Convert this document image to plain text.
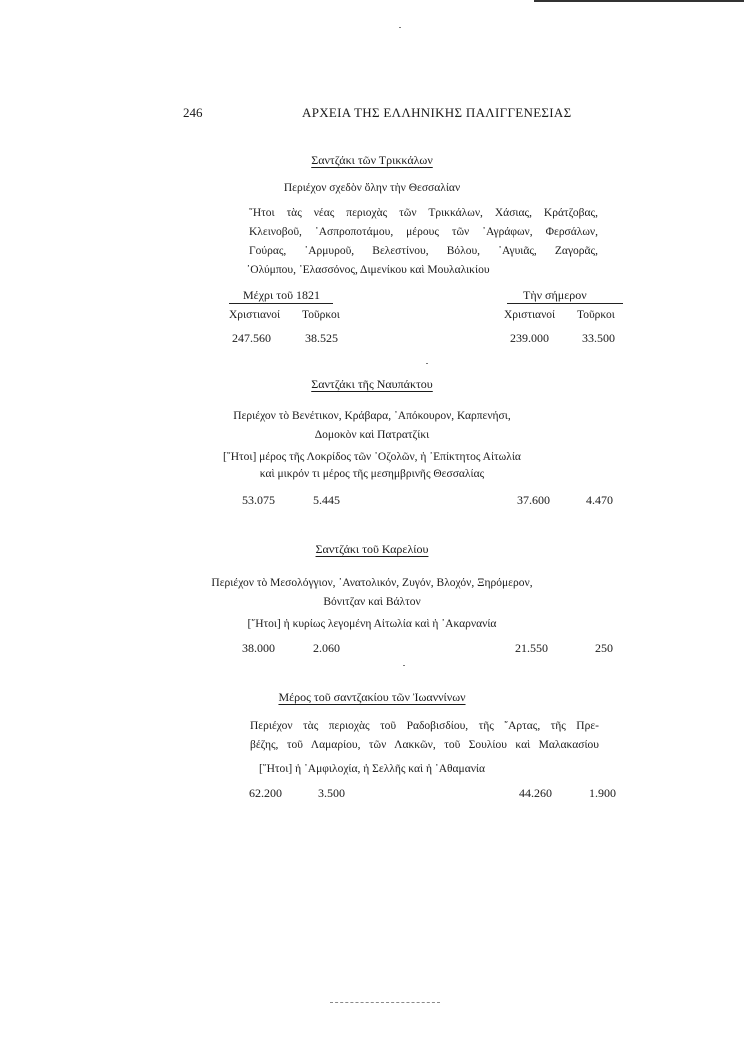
246	ΑΡΧΕΙΑ ΤΗΣ ΕΛΛΗΝΙΚΗΣ ΠΑΛΙΓΓΕΝΕΣΙΑΣ
Σαντζάκι τῶν Τρικκάλων
Περιέχον σχεδὸν ὅλην τὴν Θεσσαλίαν
῞Ητοι τὰς νέας περιοχὰς τῶν Τρικκάλων, Χάσιας, Κράτζοβας,
Κλεινοβοῦ, ᾿Ασπροποτάμου, μέρους τῶν ᾿Αγράφων, Φερσάλων,
Γούρας, ῾Αρμυροῦ, Βελεστίνου, Βόλου, ᾿Αγυιᾶς, Ζαγορᾶς,
᾿Ολύμπου, ᾿Ελασσόνος, Διμενίκου καὶ Μουλαλικίου
Μέχρι τοῦ 1821	Τὴν σήμερον
Χριστιανοί Τοῦρκοι	Χριστιανοί Τοῦρκοι
247.560	38.525	239.000	33.500
Σαντζάκι τῆς Ναυπάκτου
Περιέχον τὸ Βενέτικον, Κράβαρα, ᾿Απόκουρον, Καρπενήσι,
Δομοκὸν καὶ Πατρατζίκι
[῞Ητοι] μέρος τῆς Λοκρίδος τῶν ᾿Οζολῶν, ἡ ᾿Επίκτητος Αἰτωλία
καὶ μικρόν τι μέρος τῆς μεσημβρινῆς Θεσσαλίας
53.075	5.445	37.600	4.470
Σαντζάκι τοῦ Καρελίου
Περιέχον τὸ Μεσολόγγιον, ᾿Ανατολικόν, Ζυγόν, Βλοχόν, Ξηρόμερον,
Βόνιτζαν καὶ Βάλτον
[῞Ητοι] ἡ κυρίως λεγομένη Αἰτωλία καὶ ἡ ᾿Ακαρνανία
38.000	2.060	21.550	250
Μέρος τοῦ σαντζακίου τῶν Ἰωαννίνων
Περιέχον τὰς περιοχὰς τοῦ Ραδοβισδίου, τῆς ῎Αρτας, τῆς Πρε-
βέζης, τοῦ Λαμαρίου, τῶν Λακκῶν, τοῦ Σουλίου καὶ Μαλακασίου
[῞Ητοι] ἡ ᾿Αμφιλοχία, ἡ Σελλῆς καὶ ἡ ᾿Αθαμανία
62.200	3.500	44.260	1.900
